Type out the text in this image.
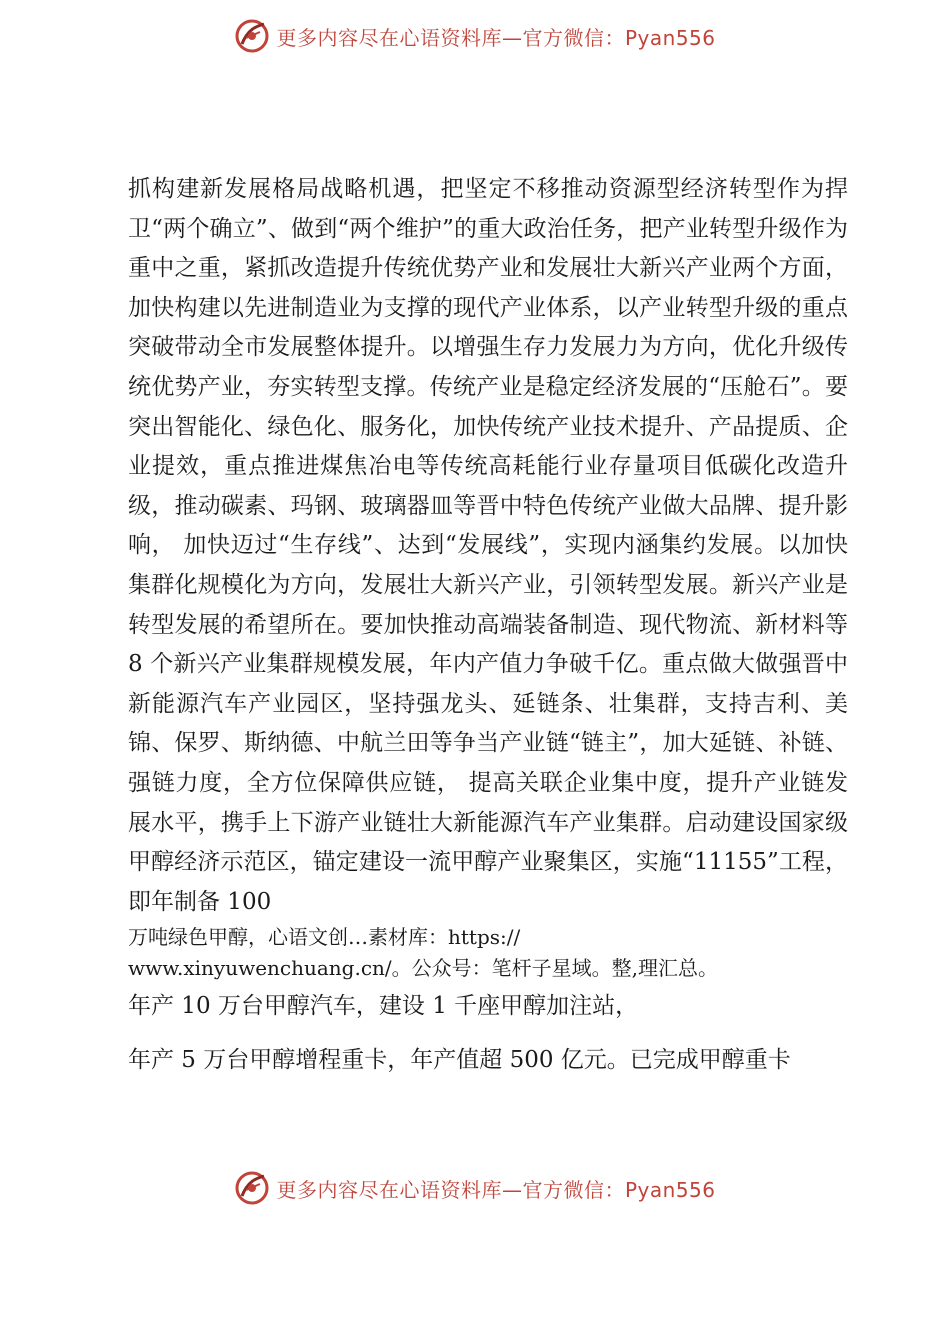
更多内容尽在心语资料库—官方微信：Pyan556

抓构建新发展格局战略机遇，把坚定不移推动资源型经济转型作为捍卫“两个确立”、做到“两个维护”的重大政治任务，把产业转型升级作为重中之重，紧抓改造提升传统优势产业和发展壮大新兴产业两个方面，加快构建以先进制造业为支撑的现代产业体系，以产业转型升级的重点突破带动全市发展整体提升。以增强生存力发展力为方向，优化升级传统优势产业，夯实转型支撑。传统产业是稳定经济发展的“压舱石”。要突出智能化、绿色化、服务化，加快传统产业技术提升、产品提质、企业提效，重点推进煤焦冶电等传统高耗能行业存量项目低碳化改造升级，推动碳素、玛钢、玻璃器皿等晋中特色传统产业做大品牌、提升影响， 加快迈过“生存线”、达到“发展线”，实现内涵集约发展。以加快集群化规模化为方向，发展壮大新兴产业，引领转型发展。新兴产业是转型发展的希望所在。要加快推动高端装备制造、现代物流、新材料等 8 个新兴产业集群规模发展，年内产值力争破千亿。重点做大做强晋中新能源汽车产业园区，坚持强龙头、延链条、壮集群，支持吉利、美锦、保罗、斯纳德、中航兰田等争当产业链“链主”，加大延链、补链、强链力度，全方位保障供应链， 提高关联企业集中度，提升产业链发展水平，携手上下游产业链壮大新能源汽车产业集群。启动建设国家级甲醇经济示范区，锚定建设一流甲醇产业聚集区，实施“11155”工程，即年制备 100

万吨绿色甲醇，心语文创…素材库：https://
www.xinyuwenchuang.cn/。公众号：笔杆子星域。整,理汇总。

年产 10 万台甲醇汽车，建设 1 千座甲醇加注站，

年产 5 万台甲醇增程重卡，年产值超 500 亿元。已完成甲醇重卡

更多内容尽在心语资料库—官方微信：Pyan556
